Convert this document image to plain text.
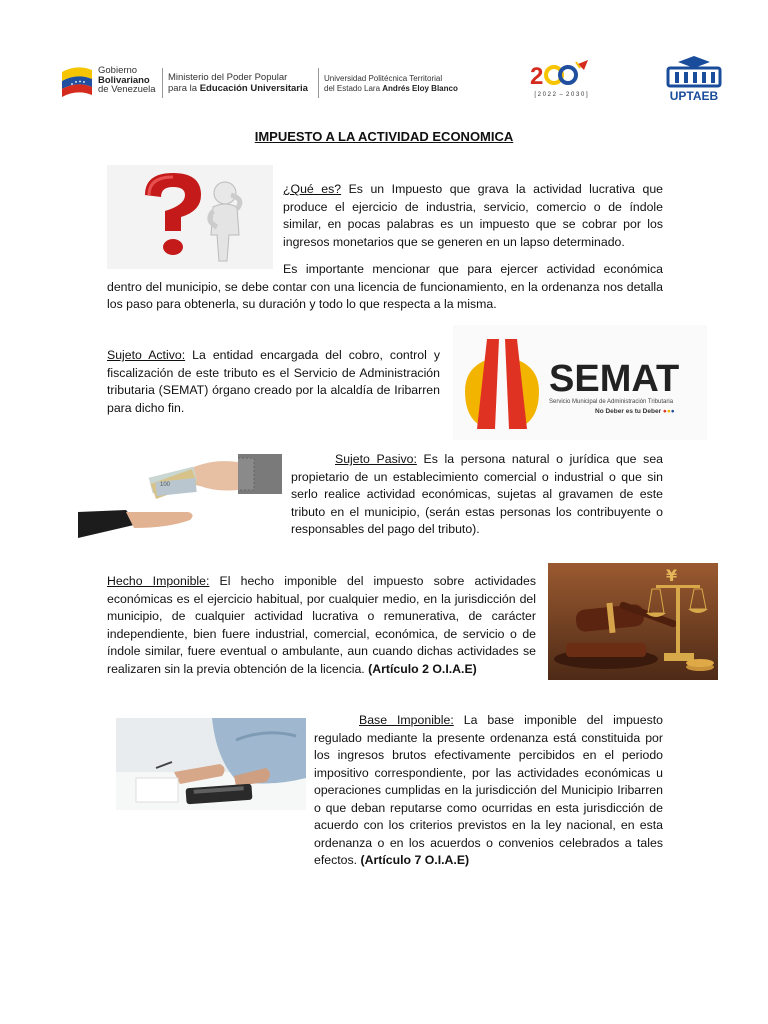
Gobierno
Bolivariano
de Venezuela
Ministerio del Poder Popular
para la Educación Universitaria
Universidad Politécnica Territorial
del Estado Lara Andrés Eloy Blanco	2
[ 2 0 2 2  –  2 0 3 0 ]	UPTAEB
IMPUESTO A LA ACTIVIDAD ECONOMICA

¿Qué es? Es un Impuesto que grava la actividad lucrativa que produce el ejercicio de industria, servicio, comercio o de índole similar, en pocas palabras es un impuesto que se cobrar por los ingresos monetarios que se generen en un lapso determinado.

Es importante mencionar que para ejercer actividad económica dentro del municipio, se debe contar con una licencia de funcionamiento, en la ordenanza nos detalla los paso para obtenerla, su duración y todo lo que respecta a la misma.

Sujeto Activo: La entidad encargada del cobro, control y fiscalización de este tributo es el Servicio de Administración tributaria (SEMAT) órgano creado por la alcaldía de Iribarren para dicho fin.

SEMAT
Servicio Municipal de Administración Tributaria
No Deber es tu Deber ●●●
100

Sujeto Pasivo: Es la persona natural o jurídica que sea propietario de un establecimiento comercial o industrial o que sin serlo realice actividad económicas, sujetas al gravamen de este tributo en el municipio, (serán estas personas los contribuyente o responsables del pago del tributo).

Hecho Imponible: El hecho imponible del impuesto sobre actividades económicas es el ejercicio habitual, por cualquier medio, en la jurisdicción del municipio, de cualquier actividad lucrativa o remunerativa, de carácter independiente, bien fuere industrial, comercial, económica, de servicio o de índole similar, fuere eventual o ambulante, aun cuando dichas actividades se realizaren sin la previa obtención de la licencia. (Artículo 2 O.I.A.E)

¥

Base Imponible: La base imponible del impuesto regulado mediante la presente ordenanza está constituida por los ingresos brutos efectivamente percibidos en el periodo impositivo correspondiente, por las actividades económicas u operaciones cumplidas en la jurisdicción del Municipio Iribarren o que deban reputarse como ocurridas en esta jurisdicción de acuerdo con los criterios previstos en la ley nacional, en esta ordenanza o en los acuerdos o convenios celebrados a tales efectos. (Artículo 7 O.I.A.E)
